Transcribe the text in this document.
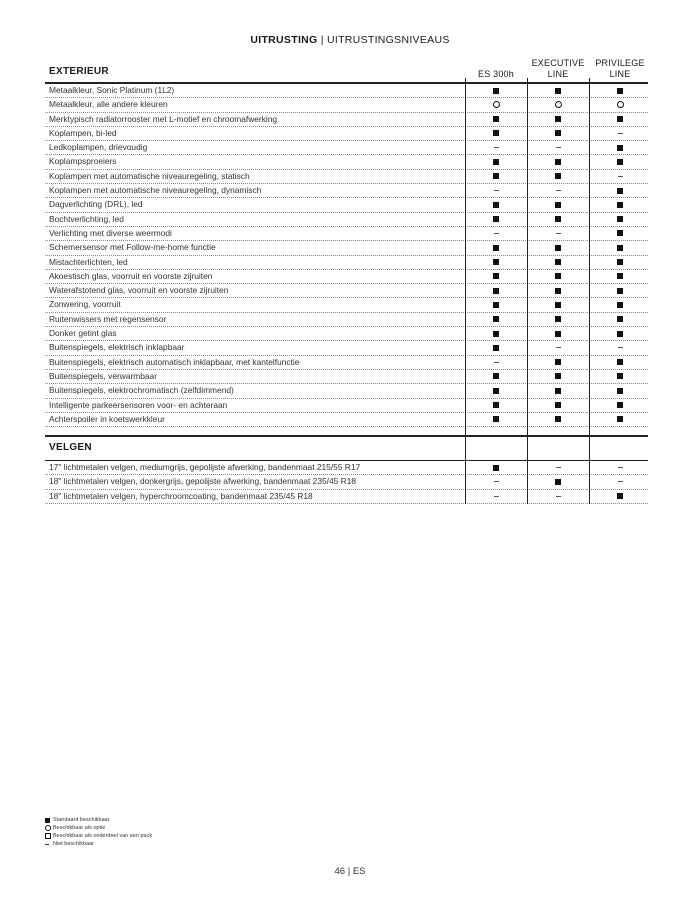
UITRUSTING | UITRUSTINGSNIVEAUS
EXTERIEUR	ES 300h
EXECUTIVE LINE
PRIVILEGE LINE
Metaalkleur, Sonic Platinum (1L2)
Metaalkleur, alle andere kleuren
Merktypisch radiatorrooster met L-motief en chroomafwerking
Koplampen, bi-led
Ledkoplampen, drievoudig
Koplampsproeiers
Koplampen met automatische niveauregeling, statisch
Koplampen met automatische niveauregeling, dynamisch
Dagverlichting (DRL), led
Bochtverlichting, led
Verlichting met diverse weermodi
Schemersensor met Follow-me-home functie
Mistachterlichten, led
Akoestisch glas, voorruit en voorste zijruiten
Waterafstotend glas, voorruit en voorste zijruiten
Zonwering, voorruit
Ruitenwissers met regensensor
Donker getint glas
Buitenspiegels, elektrisch inklapbaar
Buitenspiegels, elektrisch automatisch inklapbaar, met kantelfunctie
Buitenspiegels, verwarmbaar
Buitenspiegels, elektrochromatisch (zelfdimmend)
Intelligente parkeersensoren voor- en achteraan
Achterspoiler in koetswerkkleur
VELGEN
17" lichtmetalen velgen, mediumgrijs, gepolijste afwerking, bandenmaat 215/55 R17
18" lichtmetalen velgen, donkergrijs, gepolijste afwerking, bandenmaat 235/45 R18
18" lichtmetalen velgen, hyperchroomcoating, bandenmaat 235/45 R18
Standaard beschikbaar
Beschikbaar als optie
Beschikbaar als onderdeel van een pack
Niet beschikbaar
46 | ES
